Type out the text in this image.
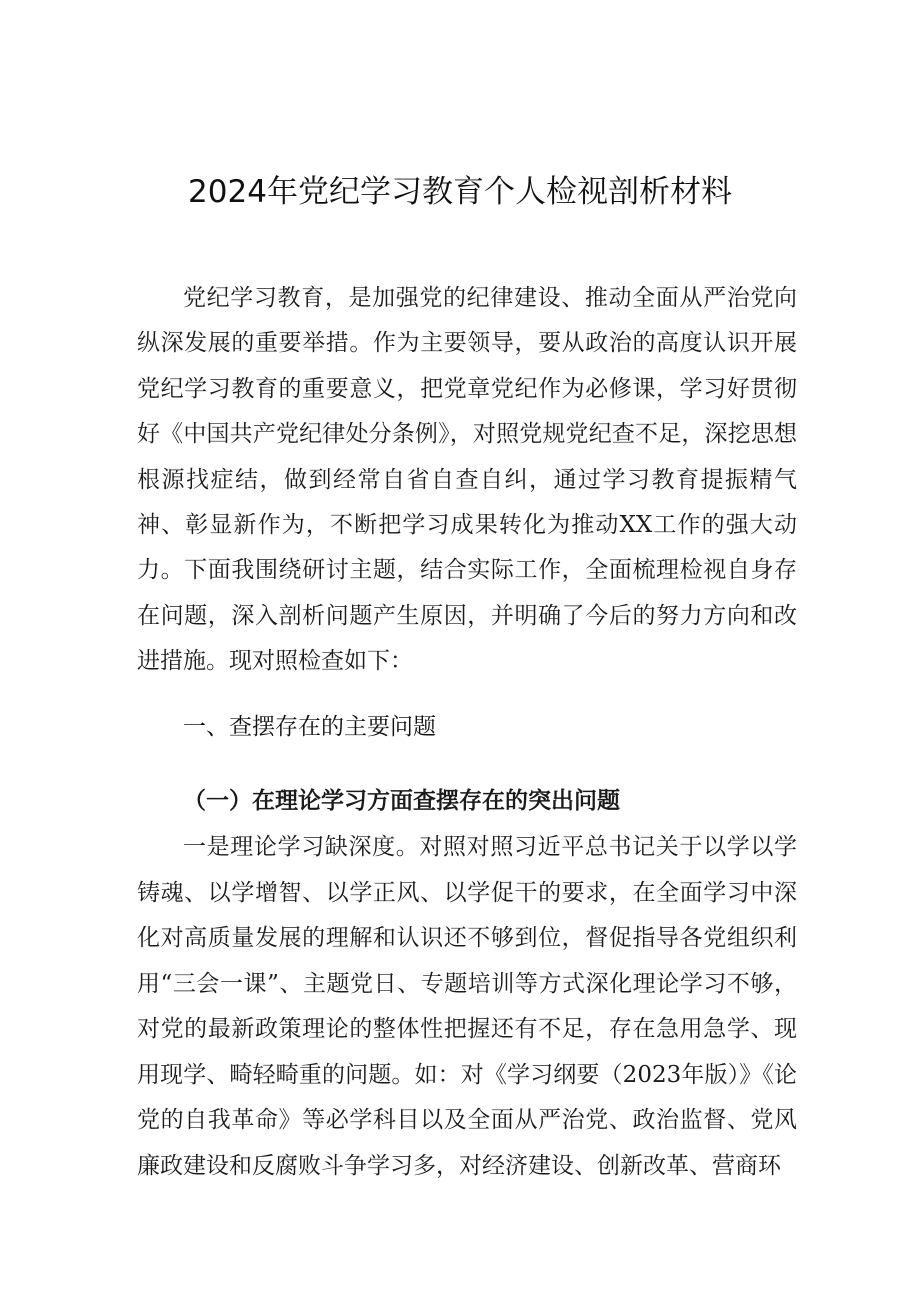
2024年党纪学习教育个人检视剖析材料

党纪学习教育，是加强党的纪律建设、推动全面从严治党向纵深发展的重要举措。作为主要领导，要从政治的高度认识开展党纪学习教育的重要意义，把党章党纪作为必修课，学习好贯彻好《中国共产党纪律处分条例》，对照党规党纪查不足，深挖思想根源找症结，做到经常自省自查自纠，通过学习教育提振精气神、彰显新作为，不断把学习成果转化为推动XX工作的强大动力。下面我围绕研讨主题，结合实际工作，全面梳理检视自身存在问题，深入剖析问题产生原因，并明确了今后的努力方向和改进措施。现对照检查如下：

一、查摆存在的主要问题
（一）在理论学习方面查摆存在的突出问题

一是理论学习缺深度。对照对照习近平总书记关于以学以学铸魂、以学增智、以学正风、以学促干的要求，在全面学习中深化对高质量发展的理解和认识还不够到位，督促指导各党组织利用“三会一课”、主题党日、专题培训等方式深化理论学习不够，对党的最新政策理论的整体性把握还有不足，存在急用急学、现用现学、畸轻畸重的问题。如：对《学习纲要（2023年版）》《论党的自我革命》等必学科目以及全面从严治党、政治监督、党风廉政建设和反腐败斗争学习多，对经济建设、创新改革、营商环
